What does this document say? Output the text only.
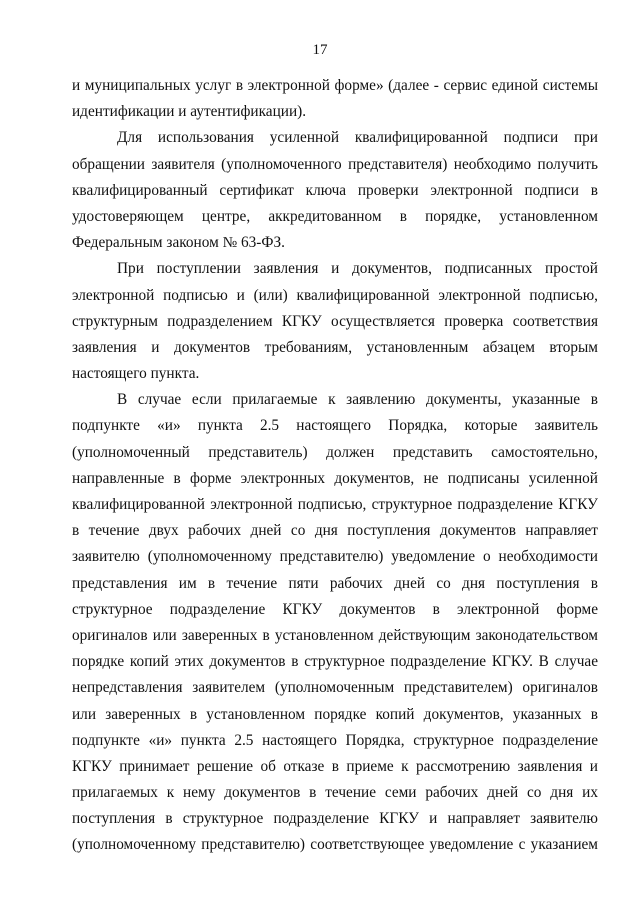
17
и муниципальных услуг в электронной форме» (далее - сервис единой системы
идентификации и аутентификации).
Для использования усиленной квалифицированной подписи при
обращении заявителя (уполномоченного представителя) необходимо получить
квалифицированный сертификат ключа проверки электронной подписи в
удостоверяющем центре, аккредитованном в порядке, установленном
Федеральным законом № 63-ФЗ.
При поступлении заявления и документов, подписанных простой
электронной подписью и (или) квалифицированной электронной подписью,
структурным подразделением КГКУ осуществляется проверка соответствия
заявления и документов требованиям, установленным абзацем вторым
настоящего пункта.
В случае если прилагаемые к заявлению документы, указанные в
подпункте «и» пункта 2.5 настоящего Порядка, которые заявитель
(уполномоченный представитель) должен представить самостоятельно,
направленные в форме электронных документов, не подписаны усиленной
квалифицированной электронной подписью, структурное подразделение КГКУ
в течение двух рабочих дней со дня поступления документов направляет
заявителю (уполномоченному представителю) уведомление о необходимости
представления им в течение пяти рабочих дней со дня поступления в
структурное подразделение КГКУ документов в электронной форме
оригиналов или заверенных в установленном действующим законодательством
порядке копий этих документов в структурное подразделение КГКУ. В случае
непредставления заявителем (уполномоченным представителем) оригиналов
или заверенных в установленном порядке копий документов, указанных в
подпункте «и» пункта 2.5 настоящего Порядка, структурное подразделение
КГКУ принимает решение об отказе в приеме к рассмотрению заявления и
прилагаемых к нему документов в течение семи рабочих дней со дня их
поступления в структурное подразделение КГКУ и направляет заявителю
(уполномоченному представителю) соответствующее уведомление с указанием
